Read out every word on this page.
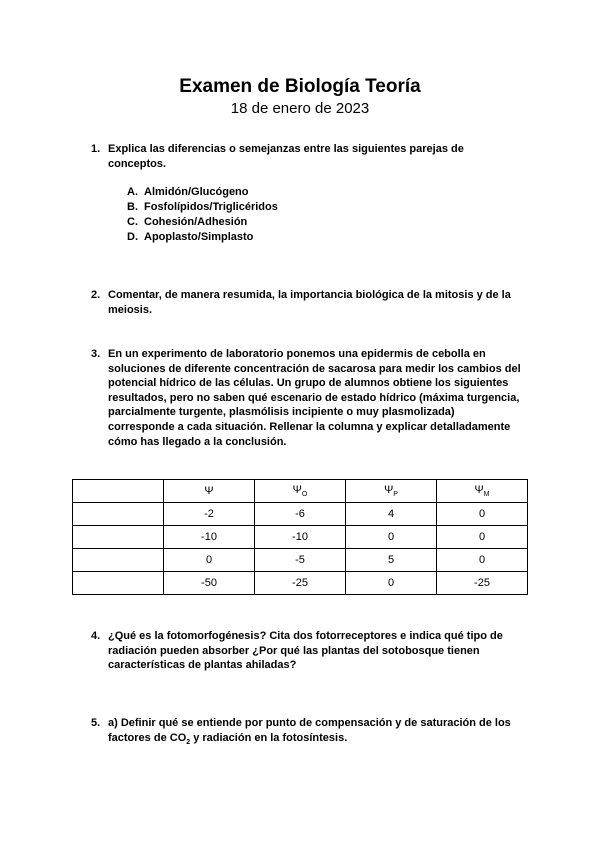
Examen de Biología Teoría
18 de enero de 2023
1. Explica las diferencias o semejanzas entre las siguientes parejas de conceptos.
A. Almidón/Glucógeno
B. Fosfolípidos/Triglicéridos
C. Cohesión/Adhesión
D. Apoplasto/Simplasto
2. Comentar, de manera resumida, la importancia biológica de la mitosis y de la meiosis.
3. En un experimento de laboratorio ponemos una epidermis de cebolla en soluciones de diferente concentración de sacarosa para medir los cambios del potencial hídrico de las células. Un grupo de alumnos obtiene los siguientes resultados, pero no saben qué escenario de estado hídrico (máxima turgencia, parcialmente turgente, plasmólisis incipiente o muy plasmolizada) corresponde a cada situación. Rellenar la columna y explicar detalladamente cómo has llegado a la conclusión.
	Ψ	$\Psi_O$	$\Psi_P$	$\Psi_M$
	-2	-6	4	0
	-10	-10	0	0
	0	-5	5	0
	-50	-25	0	-25
4. ¿Qué es la fotomorfogénesis? Cita dos fotorreceptores e indica qué tipo de radiación pueden absorber ¿Por qué las plantas del sotobosque tienen características de plantas ahiladas?
5. a) Definir qué se entiende por punto de compensación y de saturación de los factores de $CO_2$ y radiación en la fotosíntesis.
